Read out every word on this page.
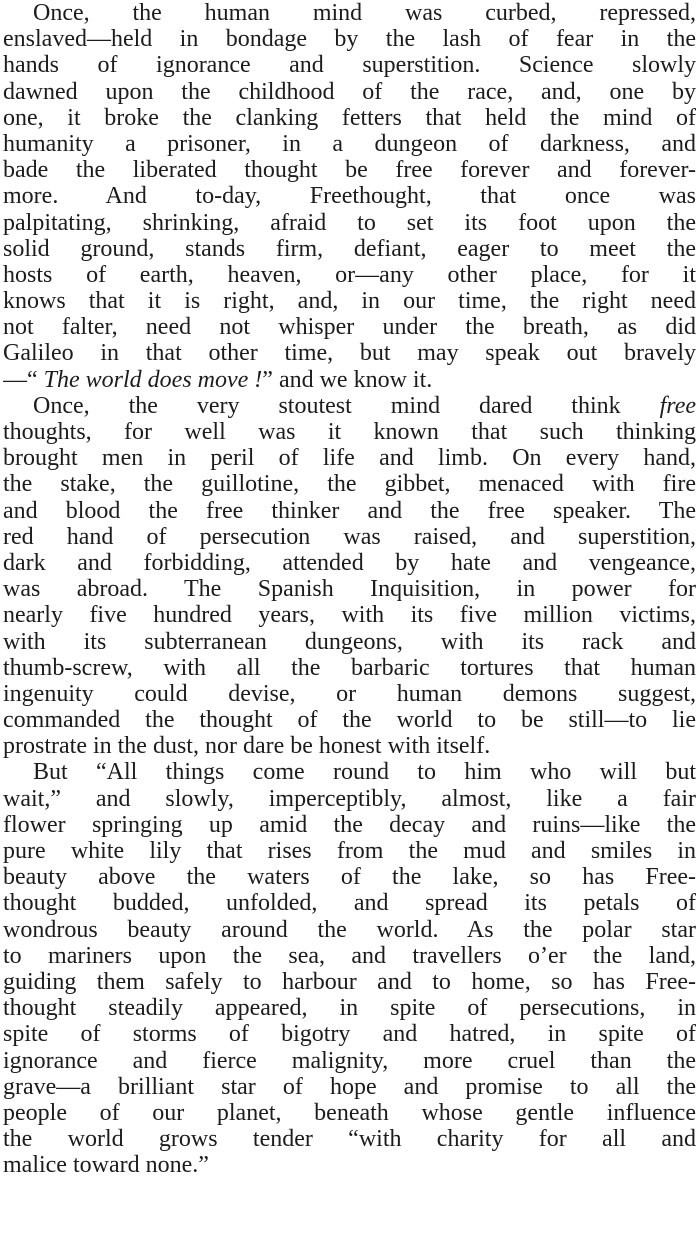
Once, the human mind was curbed, repressed,
enslaved—held in bondage by the lash of fear in the
hands of ignorance and superstition. Science slowly
dawned upon the childhood of the race, and, one by
one, it broke the clanking fetters that held the mind of
humanity a prisoner, in a dungeon of darkness, and
bade the liberated thought be free forever and forever-
more. And to-day, Freethought, that once was
palpitating, shrinking, afraid to set its foot upon the
solid ground, stands firm, defiant, eager to meet the
hosts of earth, heaven, or—any other place, for it
knows that it is right, and, in our time, the right need
not falter, need not whisper under the breath, as did
Galileo in that other time, but may speak out bravely
—“ The world does move !” and we know it.
Once, the very stoutest mind dared think free
thoughts, for well was it known that such thinking
brought men in peril of life and limb. On every hand,
the stake, the guillotine, the gibbet, menaced with fire
and blood the free thinker and the free speaker. The
red hand of persecution was raised, and superstition,
dark and forbidding, attended by hate and vengeance,
was abroad. The Spanish Inquisition, in power for
nearly five hundred years, with its five million victims,
with its subterranean dungeons, with its rack and
thumb-screw, with all the barbaric tortures that human
ingenuity could devise, or human demons suggest,
commanded the thought of the world to be still—to lie
prostrate in the dust, nor dare be honest with itself.
But “All things come round to him who will but
wait,” and slowly, imperceptibly, almost, like a fair
flower springing up amid the decay and ruins—like the
pure white lily that rises from the mud and smiles in
beauty above the waters of the lake, so has Free-
thought budded, unfolded, and spread its petals of
wondrous beauty around the world. As the polar star
to mariners upon the sea, and travellers o’er the land,
guiding them safely to harbour and to home, so has Free-
thought steadily appeared, in spite of persecutions, in
spite of storms of bigotry and hatred, in spite of
ignorance and fierce malignity, more cruel than the
grave—a brilliant star of hope and promise to all the
people of our planet, beneath whose gentle influence
the world grows tender “with charity for all and
malice toward none.”
